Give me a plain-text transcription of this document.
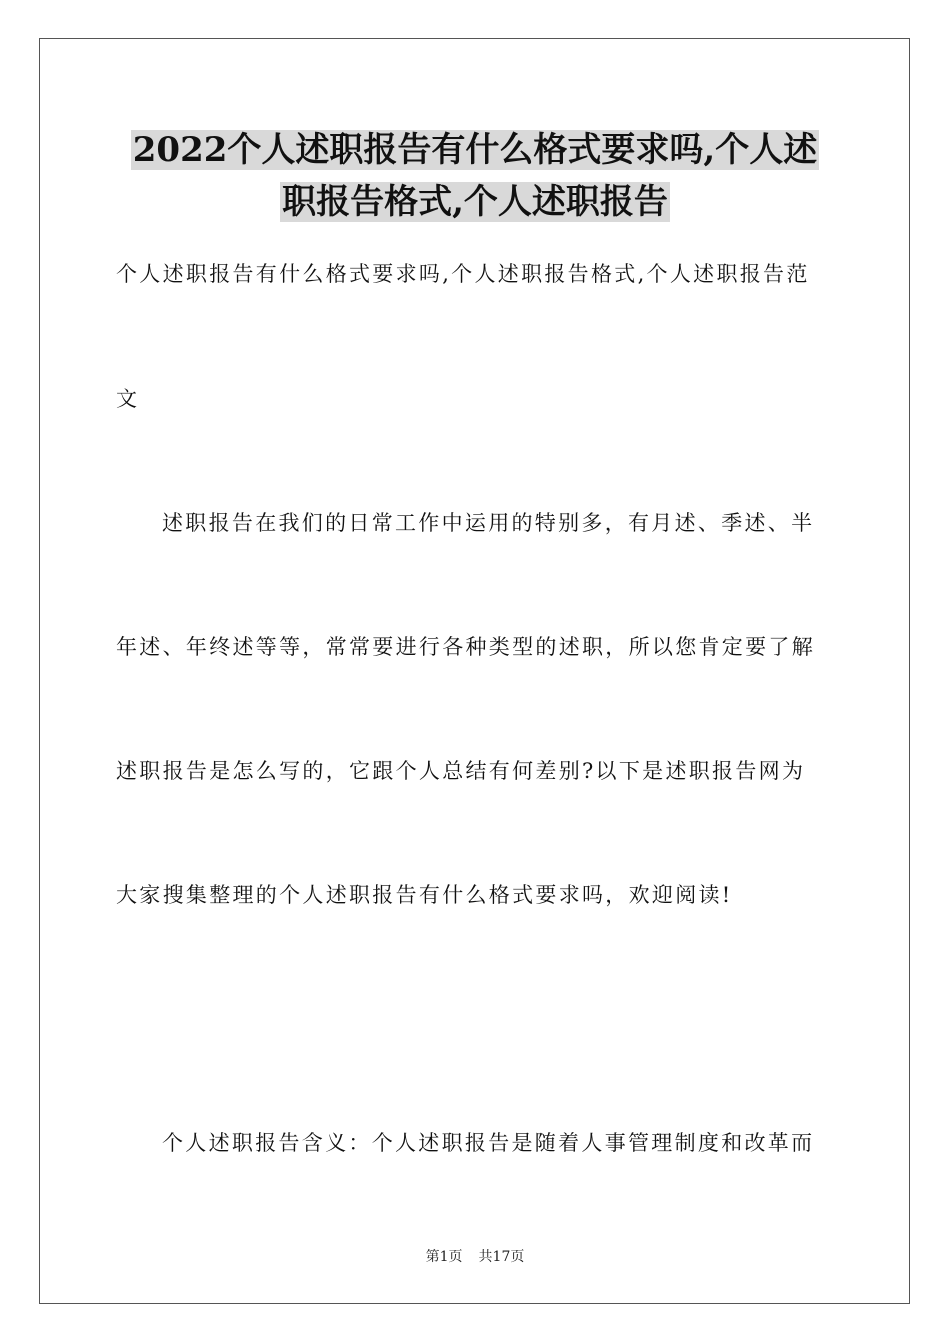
2022个人述职报告有什么格式要求吗,个人述
职报告格式,个人述职报告
个人述职报告有什么格式要求吗,个人述职报告格式,个人述职报告范
文
述职报告在我们的日常工作中运用的特别多，有月述、季述、半
年述、年终述等等，常常要进行各种类型的述职，所以您肯定要了解
述职报告是怎么写的，它跟个人总结有何差别?以下是述职报告网为
大家搜集整理的个人述职报告有什么格式要求吗，欢迎阅读!
个人述职报告含义：个人述职报告是随着人事管理制度和改革而
第1页 共17页
